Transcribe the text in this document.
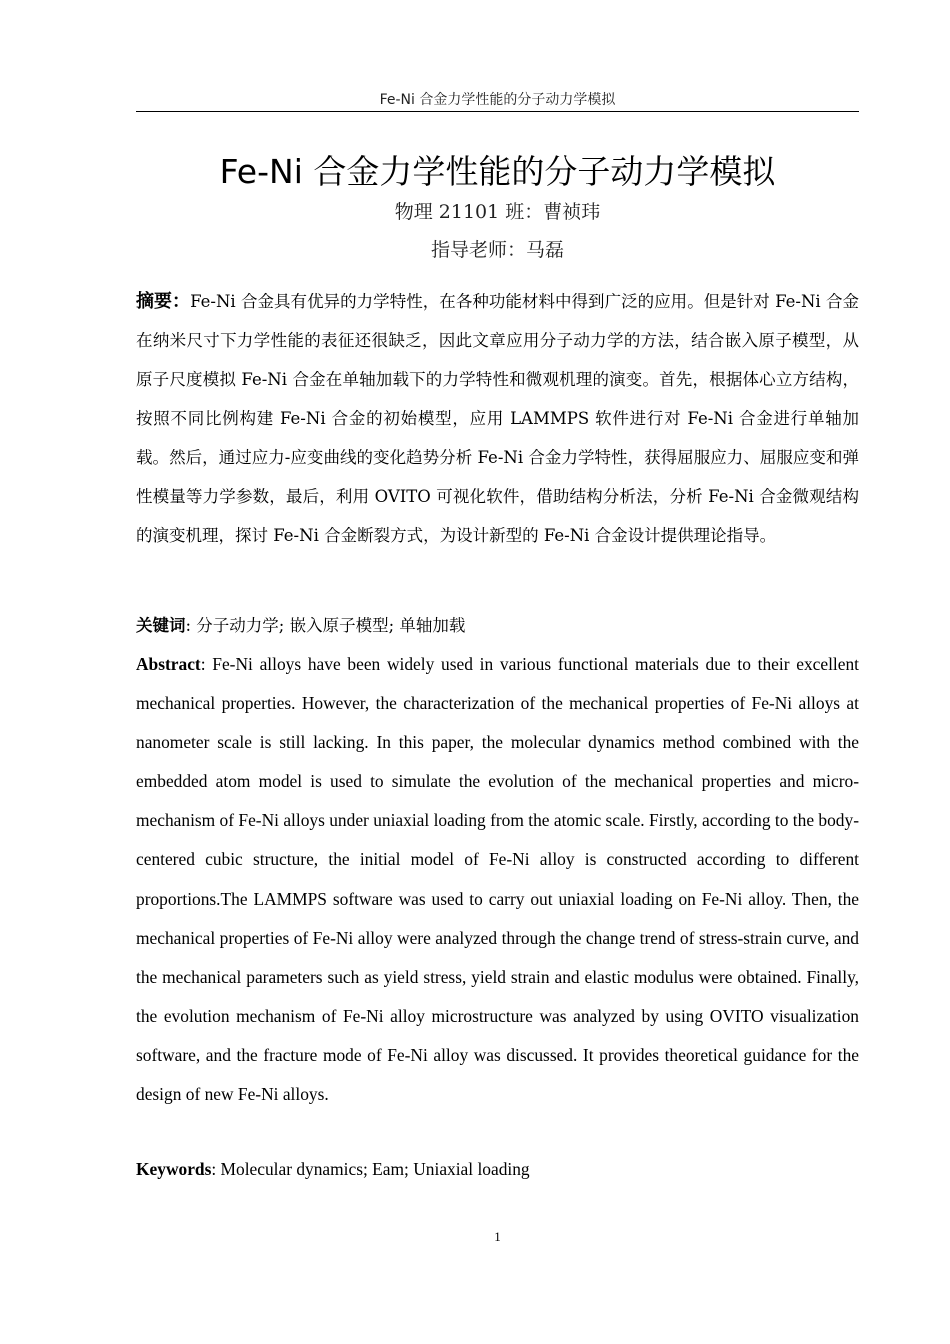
Fe-Ni 合金力学性能的分子动力学模拟
Fe-Ni 合金力学性能的分子动力学模拟
物理 21101 班：曹祯玮
指导老师：马磊

摘要：Fe-Ni 合金具有优异的力学特性，在各种功能材料中得到广泛的应用。但是针对 Fe-Ni 合金在纳米尺寸下力学性能的表征还很缺乏，因此文章应用分子动力学的方法，结合嵌入原子模型，从原子尺度模拟 Fe-Ni 合金在单轴加载下的力学特性和微观机理的演变。首先，根据体心立方结构，按照不同比例构建 Fe-Ni 合金的初始模型，应用 LAMMPS 软件进行对 Fe-Ni 合金进行单轴加载。然后，通过应力-应变曲线的变化趋势分析 Fe-Ni 合金力学特性，获得屈服应力、屈服应变和弹性模量等力学参数，最后，利用 OVITO 可视化软件，借助结构分析法，分析 Fe-Ni 合金微观结构的演变机理，探讨 Fe-Ni 合金断裂方式，为设计新型的 Fe-Ni 合金设计提供理论指导。

关键词: 分子动力学; 嵌入原子模型; 单轴加载

Abstract: Fe-Ni alloys have been widely used in various functional materials due to their excellent mechanical properties. However, the characterization of the mechanical properties of Fe-Ni alloys at nanometer scale is still lacking. In this paper, the molecular dynamics method combined with the embedded atom model is used to simulate the evolution of the mechanical properties and micro-mechanism of Fe-Ni alloys under uniaxial loading from the atomic scale. Firstly, according to the body-centered cubic structure, the initial model of Fe-Ni alloy is constructed according to different proportions.The LAMMPS software was used to carry out uniaxial loading on Fe-Ni alloy. Then, the mechanical properties of Fe-Ni alloy were analyzed through the change trend of stress-strain curve, and the mechanical parameters such as yield stress, yield strain and elastic modulus were obtained. Finally, the evolution mechanism of Fe-Ni alloy microstructure was analyzed by using OVITO visualization software, and the fracture mode of Fe-Ni alloy was discussed. It provides theoretical guidance for the design of new Fe-Ni alloys.

Keywords: Molecular dynamics; Eam; Uniaxial loading

1
